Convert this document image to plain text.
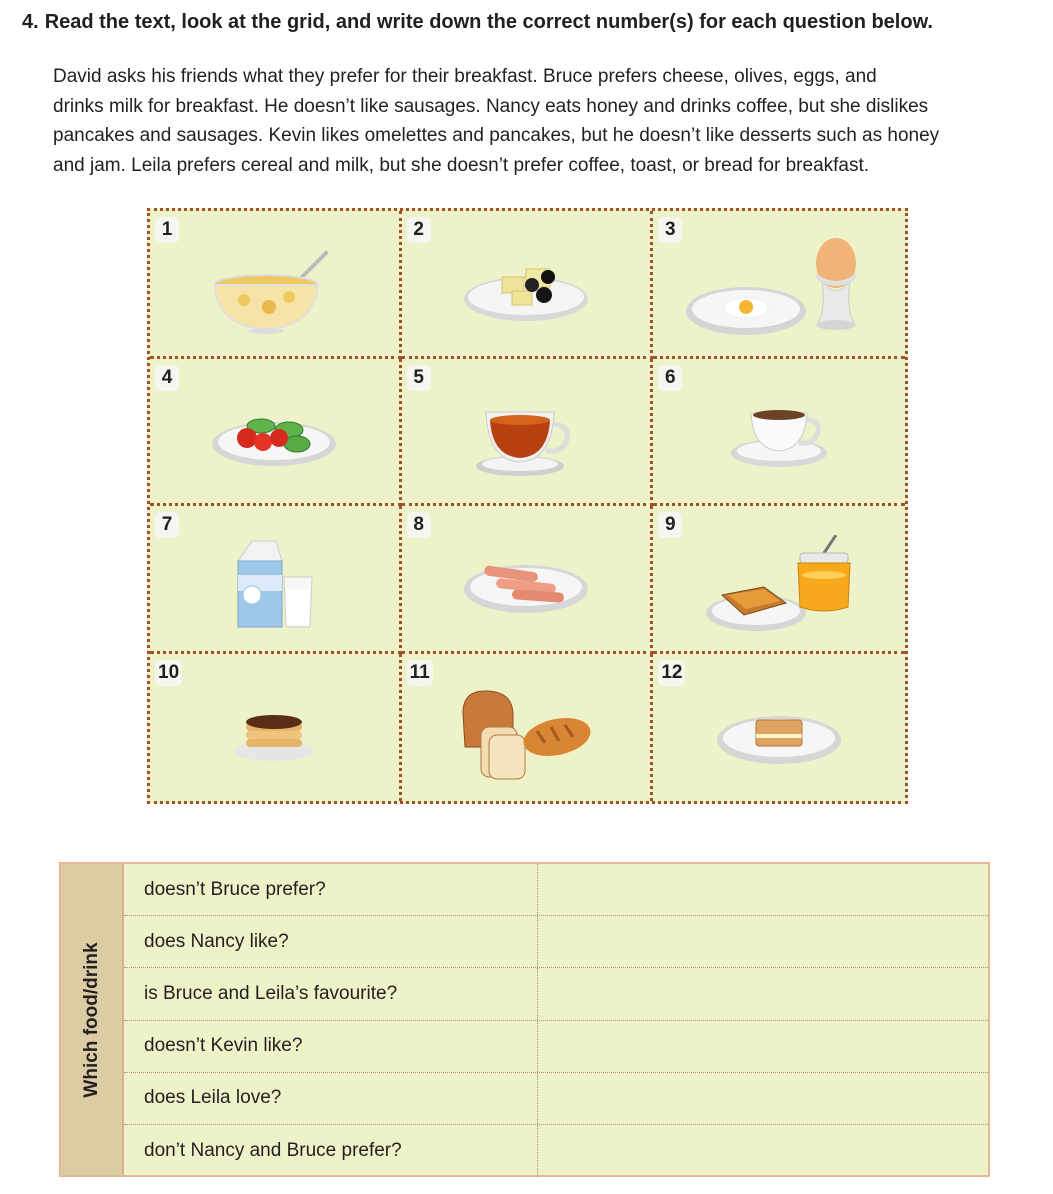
4. Read the text, look at the grid, and write down the correct number(s) for each question below.

David asks his friends what they prefer for their breakfast. Bruce prefers cheese, olives, eggs, and
drinks milk for breakfast. He doesn’t like sausages. Nancy eats honey and drinks coffee, but she dislikes
pancakes and sausages. Kevin likes omelettes and pancakes, but he doesn’t like desserts such as honey
and jam. Leila prefers cereal and milk, but she doesn’t prefer coffee, toast, or bread for breakfast.

1	2	3
4	5	6
7	8	9
10	11	12
Which food/drink
doesn’t Bruce prefer?
does Nancy like?
is Bruce and Leila’s favourite?
doesn’t Kevin like?
does Leila love?
don’t Nancy and Bruce prefer?
